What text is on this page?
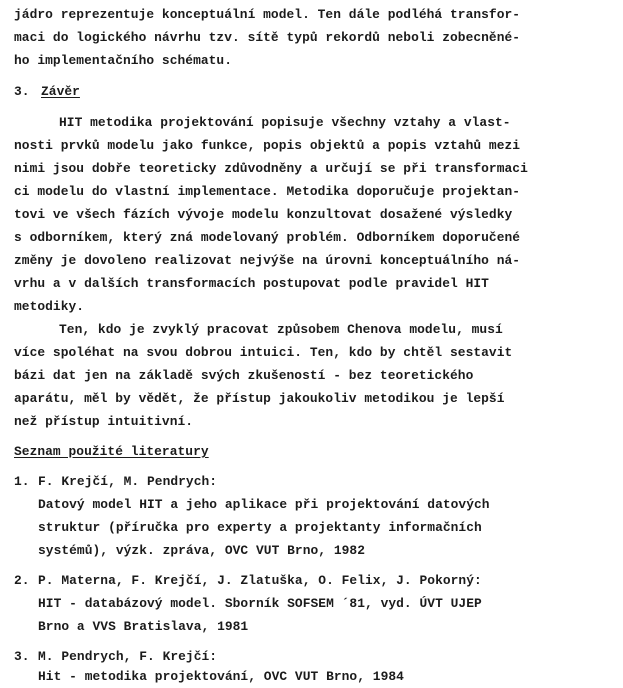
jádro reprezentuje konceptuální model. Ten dále podléhá transfor-
maci do logického návrhu tzv. sítě typů rekordů neboli zobecněné-
ho implementačního schématu.
3. Závěr
HIT metodika projektování popisuje všechny vztahy a vlast-
nosti prvků modelu jako funkce, popis objektů a popis vztahů mezi
nimi jsou dobře teoreticky zdůvodněny a určují se při transformaci
ci modelu do vlastní implementace. Metodika doporučuje projektan-
tovi ve všech fázích vývoje modelu konzultovat dosažené výsledky
s odborníkem, který zná modelovaný problém. Odborníkem doporučené
změny je dovoleno realizovat nejvýše na úrovni konceptuálního ná-
vrhu a v dalších transformacích postupovat podle pravidel HIT
metodiky.
Ten, kdo je zvyklý pracovat způsobem Chenova modelu, musí
více spoléhat na svou dobrou intuici. Ten, kdo by chtěl sestavit
bázi dat jen na základě svých zkušeností - bez teoretického
aparátu, měl by vědět, že přístup jakoukoliv metodikou je lepší
než přístup intuitivní.
Seznam použité literatury
1. F. Krejčí, M. Pendrych:
Datový model HIT a jeho aplikace při projektování datových
struktur (příručka pro experty a projektanty informačních
systémů), výzk. zpráva, OVC VUT Brno, 1982
2. P. Materna, F. Krejčí, J. Zlatuška, O. Felix, J. Pokorný:
HIT - databázový model. Sborník SOFSEM ´81, vyd. ÚVT UJEP
Brno a VVS Bratislava, 1981
3. M. Pendrych, F. Krejčí:
Hit - metodika projektování, OVC VUT Brno, 1984
